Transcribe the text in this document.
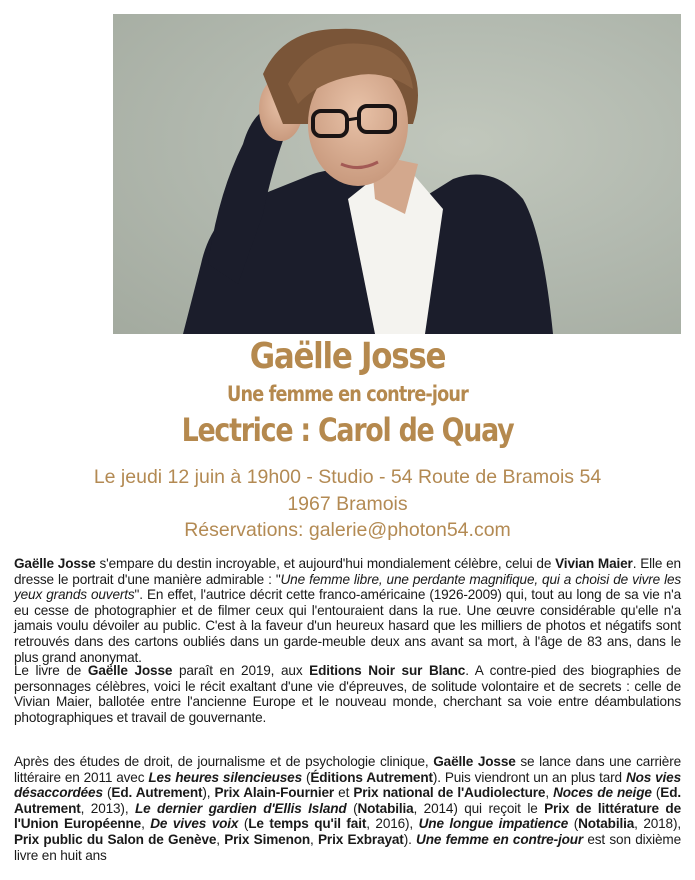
Gaëlle Josse
Une femme en contre-jour
Lectrice : Carol de Quay
Le jeudi 12 juin à 19h00 - Studio - 54 Route de Bramois 54
1967 Bramois
Réservations: galerie@photon54.com

Gaëlle Josse s'empare du destin incroyable, et aujourd'hui mondialement célèbre, celui de Vivian Maier. Elle en dresse le portrait d'une manière admirable : "Une femme libre, une perdante magnifique, qui a choisi de vivre les yeux grands ouverts". En effet, l'autrice décrit cette franco-américaine (1926-2009) qui, tout au long de sa vie n'a eu cesse de photographier et de filmer ceux qui l'entouraient dans la rue. Une œuvre considérable qu'elle n'a jamais voulu dévoiler au public. C'est à la faveur d'un heureux hasard que les milliers de photos et négatifs sont retrouvés dans des cartons oubliés dans un garde-meuble deux ans avant sa mort, à l'âge de 83 ans, dans le plus grand anonymat.

Le livre de Gaëlle Josse paraît en 2019, aux Editions Noir sur Blanc. A contre-pied des biographies de personnages célèbres, voici le récit exaltant d'une vie d'épreuves, de solitude volontaire et de secrets : celle de Vivian Maier, ballotée entre l'ancienne Europe et le nouveau monde, cherchant sa voie entre déambulations photographiques et travail de gouvernante.

Après des études de droit, de journalisme et de psychologie clinique, Gaëlle Josse se lance dans une carrière littéraire en 2011 avec Les heures silencieuses (Éditions Autrement). Puis viendront un an plus tard Nos vies désaccordées (Ed. Autrement), Prix Alain-Fournier et Prix national de l'Audiolecture, Noces de neige (Ed. Autrement, 2013), Le dernier gardien d'Ellis Island (Notabilia, 2014) qui reçoit le Prix de littérature de l'Union Européenne, De vives voix (Le temps qu'il fait, 2016), Une longue impatience (Notabilia, 2018), Prix public du Salon de Genève, Prix Simenon, Prix Exbrayat). Une femme en contre-jour est son dixième livre en huit ans
